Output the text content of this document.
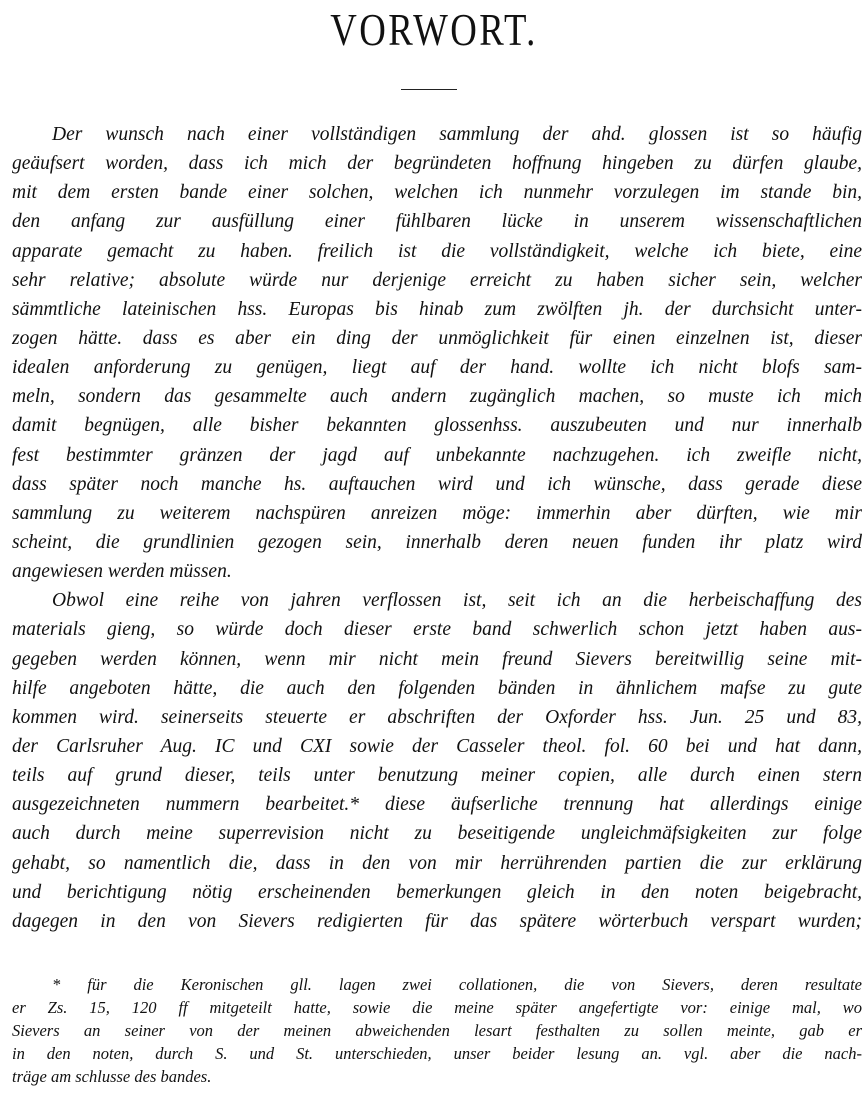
VORWORT.
Der wunsch nach einer vollständigen sammlung der ahd. glossen ist so häufig
geäufsert worden, dass ich mich der begründeten hoffnung hingeben zu dürfen glaube,
mit dem ersten bande einer solchen, welchen ich nunmehr vorzulegen im stande bin,
den anfang zur ausfüllung einer fühlbaren lücke in unserem wissenschaftlichen
apparate gemacht zu haben. freilich ist die vollständigkeit, welche ich biete, eine
sehr relative; absolute würde nur derjenige erreicht zu haben sicher sein, welcher
sämmtliche lateinischen hss. Europas bis hinab zum zwölften jh. der durchsicht unter-
zogen hätte. dass es aber ein ding der unmöglichkeit für einen einzelnen ist, dieser
idealen anforderung zu genügen, liegt auf der hand. wollte ich nicht blofs sam-
meln, sondern das gesammelte auch andern zugänglich machen, so muste ich mich
damit begnügen, alle bisher bekannten glossenhss. auszubeuten und nur innerhalb
fest bestimmter gränzen der jagd auf unbekannte nachzugehen. ich zweifle nicht,
dass später noch manche hs. auftauchen wird und ich wünsche, dass gerade diese
sammlung zu weiterem nachspüren anreizen möge: immerhin aber dürften, wie mir
scheint, die grundlinien gezogen sein, innerhalb deren neuen funden ihr platz wird
angewiesen werden müssen.
Obwol eine reihe von jahren verflossen ist, seit ich an die herbeischaffung des
materials gieng, so würde doch dieser erste band schwerlich schon jetzt haben aus-
gegeben werden können, wenn mir nicht mein freund Sievers bereitwillig seine mit-
hilfe angeboten hätte, die auch den folgenden bänden in ähnlichem mafse zu gute
kommen wird. seinerseits steuerte er abschriften der Oxforder hss. Jun. 25 und 83,
der Carlsruher Aug. IC und CXI sowie der Casseler theol. fol. 60 bei und hat dann,
teils auf grund dieser, teils unter benutzung meiner copien, alle durch einen stern
ausgezeichneten nummern bearbeitet.* diese äufserliche trennung hat allerdings einige
auch durch meine superrevision nicht zu beseitigende ungleichmäfsigkeiten zur folge
gehabt, so namentlich die, dass in den von mir herrührenden partien die zur erklärung
und berichtigung nötig erscheinenden bemerkungen gleich in den noten beigebracht,
dagegen in den von Sievers redigierten für das spätere wörterbuch verspart wurden;
* für die Keronischen gll. lagen zwei collationen, die von Sievers, deren resultate
er Zs. 15, 120 ff mitgeteilt hatte, sowie die meine später angefertigte vor: einige mal, wo
Sievers an seiner von der meinen abweichenden lesart festhalten zu sollen meinte, gab er
in den noten, durch S. und St. unterschieden, unser beider lesung an. vgl. aber die nach-
träge am schlusse des bandes.
